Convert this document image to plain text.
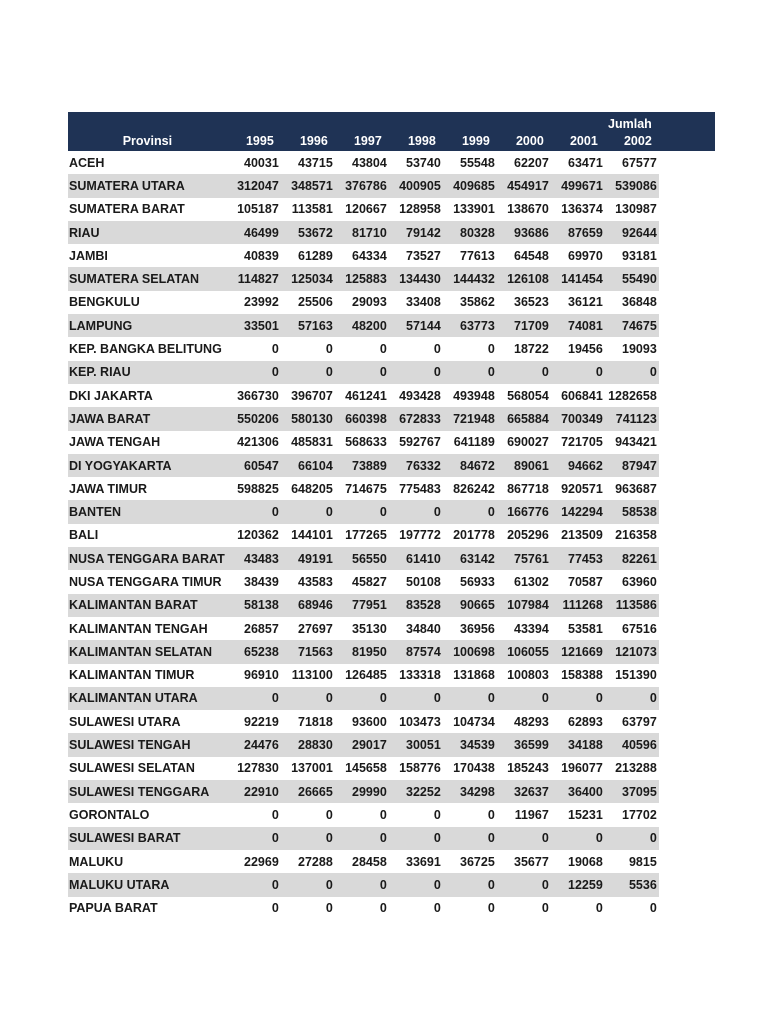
								Jumlah	
Provinsi	1995	1996	1997	1998	1999	2000	2001	2002	
ACEH	40031	43715	43804	53740	55548	62207	63471	67577	
SUMATERA UTARA	312047	348571	376786	400905	409685	454917	499671	539086	
SUMATERA BARAT	105187	113581	120667	128958	133901	138670	136374	130987	
RIAU	46499	53672	81710	79142	80328	93686	87659	92644	
JAMBI	40839	61289	64334	73527	77613	64548	69970	93181	
SUMATERA SELATAN	114827	125034	125883	134430	144432	126108	141454	55490	
BENGKULU	23992	25506	29093	33408	35862	36523	36121	36848	
LAMPUNG	33501	57163	48200	57144	63773	71709	74081	74675	
KEP. BANGKA BELITUNG	0	0	0	0	0	18722	19456	19093	
KEP. RIAU	0	0	0	0	0	0	0	0	
DKI JAKARTA	366730	396707	461241	493428	493948	568054	606841	1282658	
JAWA BARAT	550206	580130	660398	672833	721948	665884	700349	741123	
JAWA TENGAH	421306	485831	568633	592767	641189	690027	721705	943421	
DI YOGYAKARTA	60547	66104	73889	76332	84672	89061	94662	87947	
JAWA TIMUR	598825	648205	714675	775483	826242	867718	920571	963687	
BANTEN	0	0	0	0	0	166776	142294	58538	
BALI	120362	144101	177265	197772	201778	205296	213509	216358	
NUSA TENGGARA BARAT	43483	49191	56550	61410	63142	75761	77453	82261	
NUSA TENGGARA TIMUR	38439	43583	45827	50108	56933	61302	70587	63960	
KALIMANTAN BARAT	58138	68946	77951	83528	90665	107984	111268	113586	
KALIMANTAN TENGAH	26857	27697	35130	34840	36956	43394	53581	67516	
KALIMANTAN SELATAN	65238	71563	81950	87574	100698	106055	121669	121073	
KALIMANTAN TIMUR	96910	113100	126485	133318	131868	100803	158388	151390	
KALIMANTAN UTARA	0	0	0	0	0	0	0	0	
SULAWESI UTARA	92219	71818	93600	103473	104734	48293	62893	63797	
SULAWESI TENGAH	24476	28830	29017	30051	34539	36599	34188	40596	
SULAWESI SELATAN	127830	137001	145658	158776	170438	185243	196077	213288	
SULAWESI TENGGARA	22910	26665	29990	32252	34298	32637	36400	37095	
GORONTALO	0	0	0	0	0	11967	15231	17702	
SULAWESI BARAT	0	0	0	0	0	0	0	0	
MALUKU	22969	27288	28458	33691	36725	35677	19068	9815	
MALUKU UTARA	0	0	0	0	0	0	12259	5536	
PAPUA BARAT	0	0	0	0	0	0	0	0	
